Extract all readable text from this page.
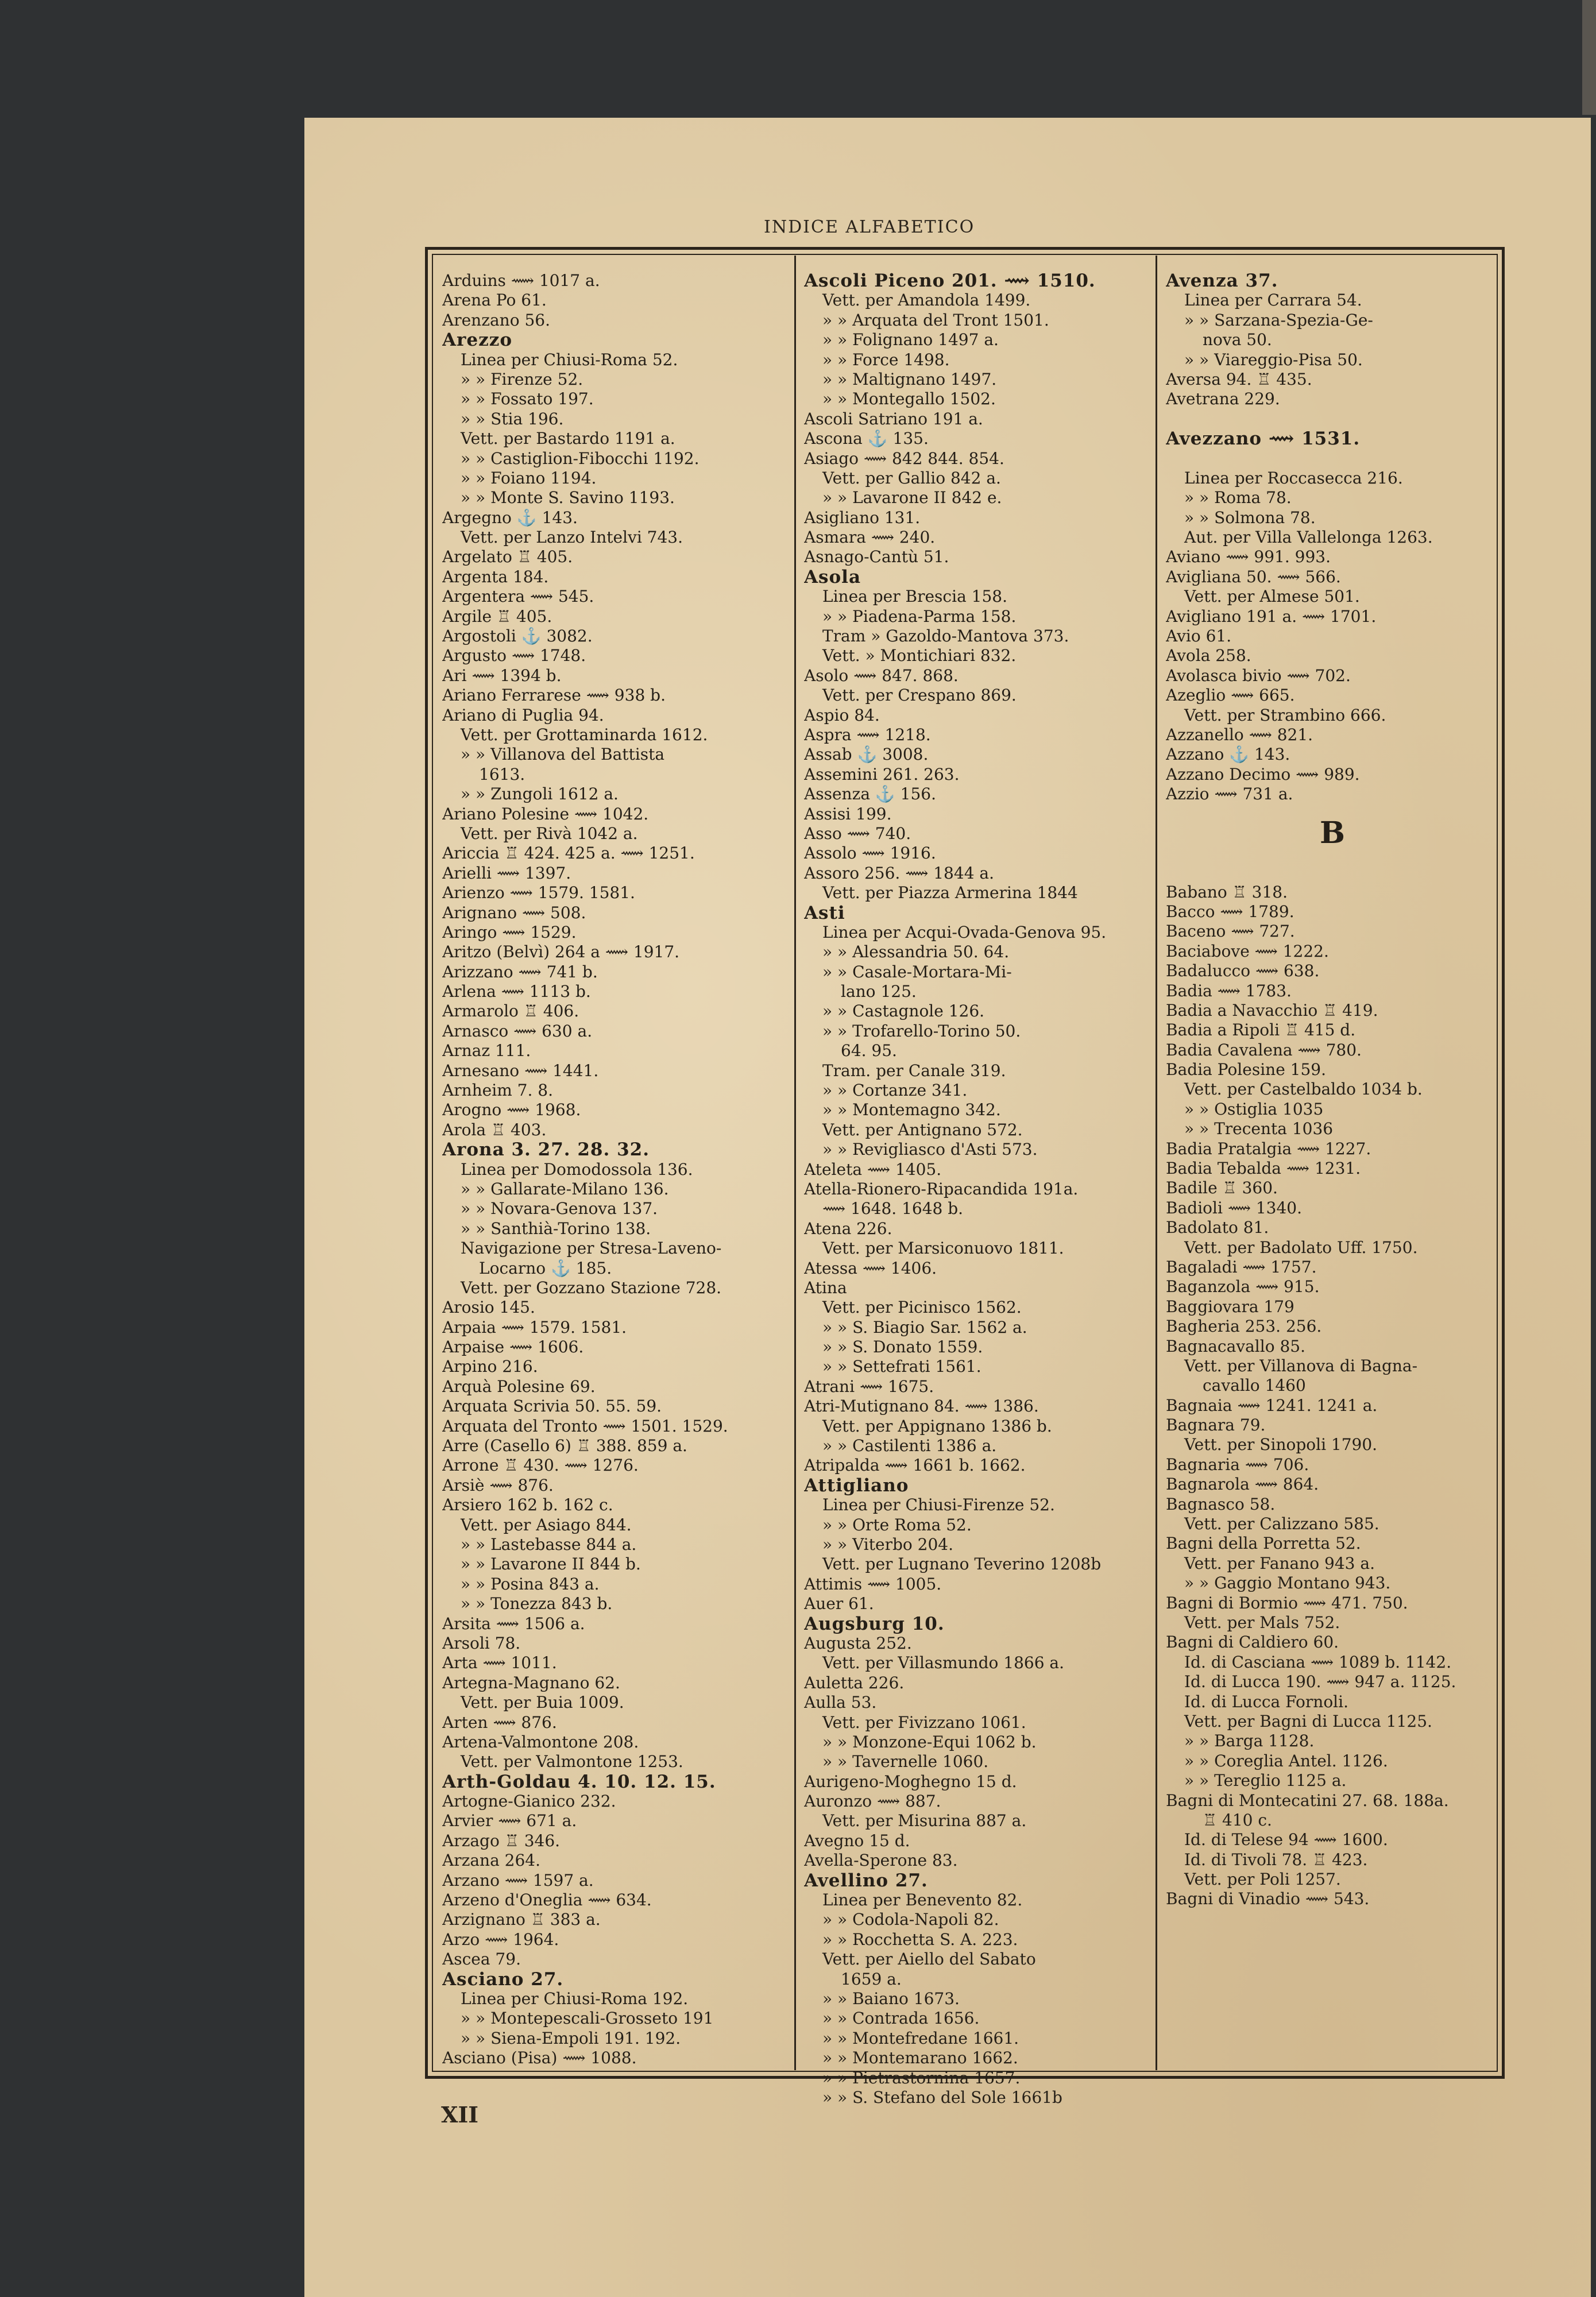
INDICE ALFABETICO
Arduins ⟿ 1017 a.
Arena Po 61.
Arenzano 56.
Arezzo
Linea per Chiusi-Roma 52.
» » Firenze 52.
» » Fossato 197.
» » Stia 196.
Vett. per Bastardo 1191 a.
» » Castiglion-Fibocchi 1192.
» » Foiano 1194.
» » Monte S. Savino 1193.
Argegno ⚓ 143.
Vett. per Lanzo Intelvi 743.
Argelato ♖ 405.
Argenta 184.
Argentera ⟿ 545.
Argile ♖ 405.
Argostoli ⚓ 3082.
Argusto ⟿ 1748.
Ari ⟿ 1394 b.
Ariano Ferrarese ⟿ 938 b.
Ariano di Puglia 94.
Vett. per Grottaminarda 1612.
» » Villanova del Battista
1613.
» » Zungoli 1612 a.
Ariano Polesine ⟿ 1042.
Vett. per Rivà 1042 a.
Ariccia ♖ 424. 425 a. ⟿ 1251.
Arielli ⟿ 1397.
Arienzo ⟿ 1579. 1581.
Arignano ⟿ 508.
Aringo ⟿ 1529.
Aritzo (Belvì) 264 a ⟿ 1917.
Arizzano ⟿ 741 b.
Arlena ⟿ 1113 b.
Armarolo ♖ 406.
Arnasco ⟿ 630 a.
Arnaz 111.
Arnesano ⟿ 1441.
Arnheim 7. 8.
Arogno ⟿ 1968.
Arola ♖ 403.
Arona 3. 27. 28. 32.
Linea per Domodossola 136.
» » Gallarate-Milano 136.
» » Novara-Genova 137.
» » Santhià-Torino 138.
Navigazione per Stresa-Laveno-
Locarno ⚓ 185.
Vett. per Gozzano Stazione 728.
Arosio 145.
Arpaia ⟿ 1579. 1581.
Arpaise ⟿ 1606.
Arpino 216.
Arquà Polesine 69.
Arquata Scrivia 50. 55. 59.
Arquata del Tronto ⟿ 1501. 1529.
Arre (Casello 6) ♖ 388. 859 a.
Arrone ♖ 430. ⟿ 1276.
Arsiè ⟿ 876.
Arsiero 162 b. 162 c.
Vett. per Asiago 844.
» » Lastebasse 844 a.
» » Lavarone II 844 b.
» » Posina 843 a.
» » Tonezza 843 b.
Arsita ⟿ 1506 a.
Arsoli 78.
Arta ⟿ 1011.
Artegna-Magnano 62.
Vett. per Buia 1009.
Arten ⟿ 876.
Artena-Valmontone 208.
Vett. per Valmontone 1253.
Arth-Goldau 4. 10. 12. 15.
Artogne-Gianico 232.
Arvier ⟿ 671 a.
Arzago ♖ 346.
Arzana 264.
Arzano ⟿ 1597 a.
Arzeno d'Oneglia ⟿ 634.
Arzignano ♖ 383 a.
Arzo ⟿ 1964.
Ascea 79.
Asciano 27.
Linea per Chiusi-Roma 192.
» » Montepescali-Grosseto 191
» » Siena-Empoli 191. 192.
Asciano (Pisa) ⟿ 1088.
Ascoli Piceno 201. ⟿ 1510.
Vett. per Amandola 1499.
» » Arquata del Tront 1501.
» » Folignano 1497 a.
» » Force 1498.
» » Maltignano 1497.
» » Montegallo 1502.
Ascoli Satriano 191 a.
Ascona ⚓ 135.
Asiago ⟿ 842 844. 854.
Vett. per Gallio 842 a.
» » Lavarone II 842 e.
Asigliano 131.
Asmara ⟿ 240.
Asnago-Cantù 51.
Asola
Linea per Brescia 158.
» » Piadena-Parma 158.
Tram » Gazoldo-Mantova 373.
Vett. » Montichiari 832.
Asolo ⟿ 847. 868.
Vett. per Crespano 869.
Aspio 84.
Aspra ⟿ 1218.
Assab ⚓ 3008.
Assemini 261. 263.
Assenza ⚓ 156.
Assisi 199.
Asso ⟿ 740.
Assolo ⟿ 1916.
Assoro 256. ⟿ 1844 a.
Vett. per Piazza Armerina 1844
Asti
Linea per Acqui-Ovada-Genova 95.
» » Alessandria 50. 64.
» » Casale-Mortara-Mi-
lano 125.
» » Castagnole 126.
» » Trofarello-Torino 50.
64. 95.
Tram. per Canale 319.
» » Cortanze 341.
» » Montemagno 342.
Vett. per Antignano 572.
» » Revigliasco d'Asti 573.
Ateleta ⟿ 1405.
Atella-Rionero-Ripacandida 191a.
⟿ 1648. 1648 b.
Atena 226.
Vett. per Marsiconuovo 1811.
Atessa ⟿ 1406.
Atina
Vett. per Picinisco 1562.
» » S. Biagio Sar. 1562 a.
» » S. Donato 1559.
» » Settefrati 1561.
Atrani ⟿ 1675.
Atri-Mutignano 84. ⟿ 1386.
Vett. per Appignano 1386 b.
» » Castilenti 1386 a.
Atripalda ⟿ 1661 b. 1662.
Attigliano
Linea per Chiusi-Firenze 52.
» » Orte Roma 52.
» » Viterbo 204.
Vett. per Lugnano Teverino 1208b
Attimis ⟿ 1005.
Auer 61.
Augsburg 10.
Augusta 252.
Vett. per Villasmundo 1866 a.
Auletta 226.
Aulla 53.
Vett. per Fivizzano 1061.
» » Monzone-Equi 1062 b.
» » Tavernelle 1060.
Aurigeno-Moghegno 15 d.
Auronzo ⟿ 887.
Vett. per Misurina 887 a.
Avegno 15 d.
Avella-Sperone 83.
Avellino 27.
Linea per Benevento 82.
» » Codola-Napoli 82.
» » Rocchetta S. A. 223.
Vett. per Aiello del Sabato
1659 a.
» » Baiano 1673.
» » Contrada 1656.
» » Montefredane 1661.
» » Montemarano 1662.
» » Pietrastornina 1657.
» » S. Stefano del Sole 1661b
Avenza 37.
Linea per Carrara 54.
» » Sarzana-Spezia-Ge-
nova 50.
» » Viareggio-Pisa 50.
Aversa 94. ♖ 435.
Avetrana 229.
Avezzano ⟿ 1531.
Linea per Roccasecca 216.
» » Roma 78.
» » Solmona 78.
Aut. per Villa Vallelonga 1263.
Aviano ⟿ 991. 993.
Avigliana 50. ⟿ 566.
Vett. per Almese 501.
Avigliano 191 a. ⟿ 1701.
Avio 61.
Avola 258.
Avolasca bivio ⟿ 702.
Azeglio ⟿ 665.
Vett. per Strambino 666.
Azzanello ⟿ 821.
Azzano ⚓ 143.
Azzano Decimo ⟿ 989.
Azzio ⟿ 731 a.
B
Babano ♖ 318.
Bacco ⟿ 1789.
Baceno ⟿ 727.
Baciabove ⟿ 1222.
Badalucco ⟿ 638.
Badia ⟿ 1783.
Badia a Navacchio ♖ 419.
Badia a Ripoli ♖ 415 d.
Badia Cavalena ⟿ 780.
Badia Polesine 159.
Vett. per Castelbaldo 1034 b.
» » Ostiglia 1035
» » Trecenta 1036
Badia Pratalgia ⟿ 1227.
Badia Tebalda ⟿ 1231.
Badile ♖ 360.
Badioli ⟿ 1340.
Badolato 81.
Vett. per Badolato Uff. 1750.
Bagaladi ⟿ 1757.
Baganzola ⟿ 915.
Baggiovara 179
Bagheria 253. 256.
Bagnacavallo 85.
Vett. per Villanova di Bagna-
cavallo 1460
Bagnaia ⟿ 1241. 1241 a.
Bagnara 79.
Vett. per Sinopoli 1790.
Bagnaria ⟿ 706.
Bagnarola ⟿ 864.
Bagnasco 58.
Vett. per Calizzano 585.
Bagni della Porretta 52.
Vett. per Fanano 943 a.
» » Gaggio Montano 943.
Bagni di Bormio ⟿ 471. 750.
Vett. per Mals 752.
Bagni di Caldiero 60.
Id. di Casciana ⟿ 1089 b. 1142.
Id. di Lucca 190. ⟿ 947 a. 1125.
Id. di Lucca Fornoli.
Vett. per Bagni di Lucca 1125.
» » Barga 1128.
» » Coreglia Antel. 1126.
» » Tereglio 1125 a.
Bagni di Montecatini 27. 68. 188a.
♖ 410 c.
Id. di Telese 94 ⟿ 1600.
Id. di Tivoli 78. ♖ 423.
Vett. per Poli 1257.
Bagni di Vinadio ⟿ 543.
XII
